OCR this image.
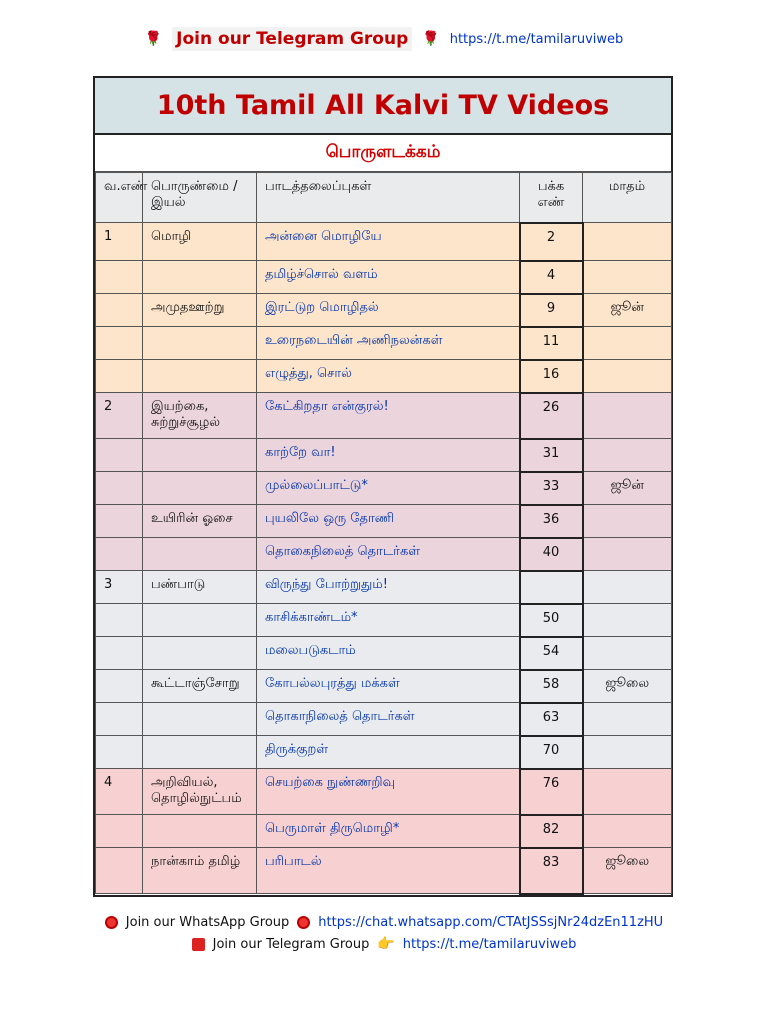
🌹 Join our Telegram Group 🌹 https://t.me/tamilaruviweb
10th Tamil All Kalvi TV Videos
பொருளடக்கம்
வ.எண்	பொருண்மை / இயல்	பாடத்தலைப்புகள்	பக்க எண்	மாதம்
1	மொழி	அன்னை மொழியே	2	
		தமிழ்ச்சொல் வளம்	4	
	அமுதஊற்று	இரட்டுற மொழிதல்	9	ஜூன்
		உரைநடையின் அணிநலன்கள்	11	
		எழுத்து, சொல்	16	
2	இயற்கை, சுற்றுச்சூழல்	கேட்கிறதா என்குரல்!	26	
		காற்றே வா!	31	
		முல்லைப்பாட்டு*	33	ஜூன்
	உயிரின் ஓசை	புயலிலே ஒரு தோணி	36	
		தொகைநிலைத் தொடர்கள்	40	
3	பண்பாடு	விருந்து போற்றுதும்!		
		காசிக்காண்டம்*	50	
		மலைபடுகடாம்	54	
	கூட்டாஞ்சோறு	கோபல்லபுரத்து மக்கள்	58	ஜூலை
		தொகாநிலைத் தொடர்கள்	63	
		திருக்குறள்	70	
4	அறிவியல், தொழில்நுட்பம்	செயற்கை நுண்ணறிவு	76	
		பெருமாள் திருமொழி*	82	
	நான்காம் தமிழ்	பரிபாடல்	83	ஜூலை
Join our WhatsApp Group https://chat.whatsapp.com/CTAtJSSsjNr24dzEn11zHU
Join our Telegram Group 👉 https://t.me/tamilaruviweb
